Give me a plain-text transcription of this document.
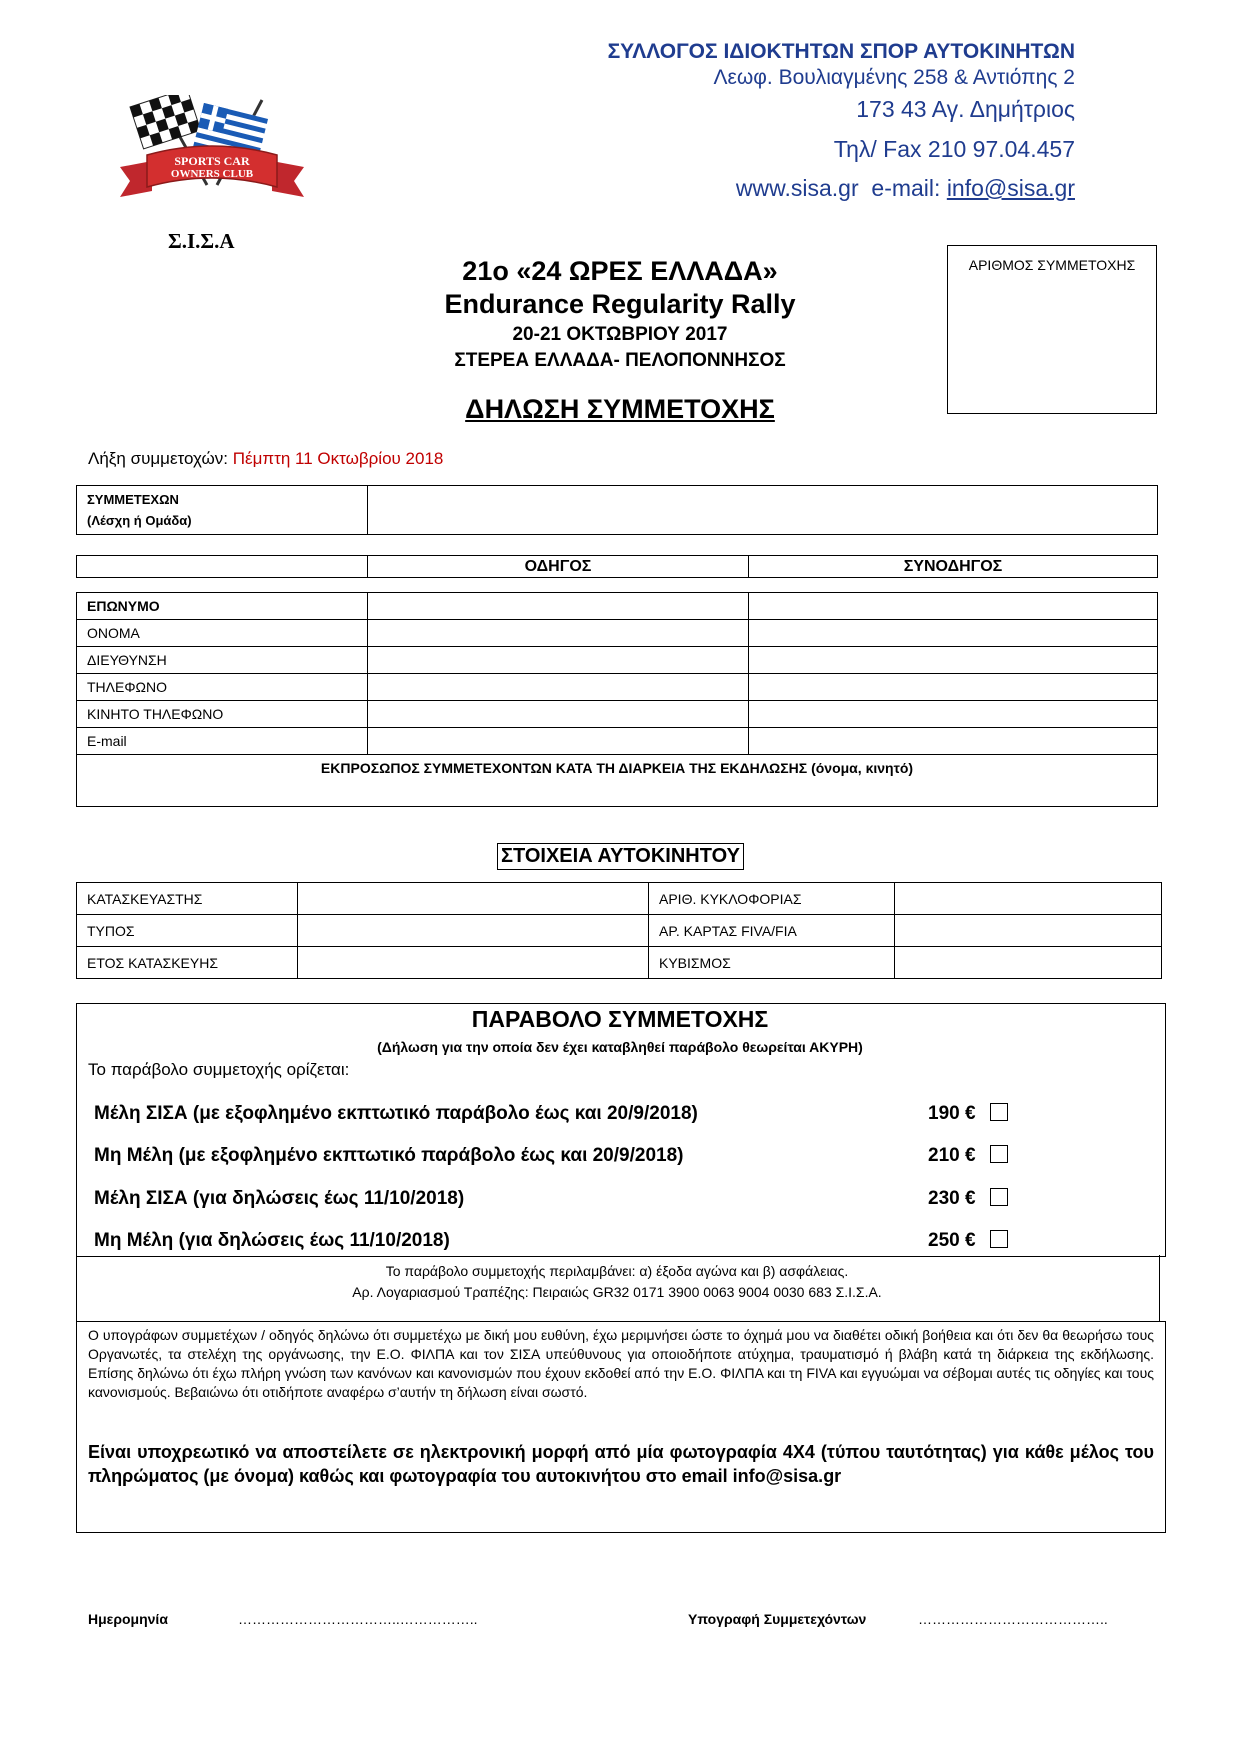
ΣΥΛΛΟΓΟΣ ΙΔΙΟΚΤΗΤΩΝ ΣΠΟΡ ΑΥΤΟΚΙΝΗΤΩΝ
Λεωφ. Βουλιαγμένης 258 & Αντιόπης 2
173 43 Αγ. Δημήτριος
Τηλ/ Fax 210 97.04.457
www.sisa.gr e-mail: info@sisa.gr
SPORTS CAR
OWNERS CLUB
Σ.Ι.Σ.Α
ΑΡΙΘΜΟΣ ΣΥΜΜΕΤΟΧΗΣ
21ο «24 ΩΡΕΣ ΕΛΛΑΔΑ»
Endurance Regularity Rally
20-21 ΟΚΤΩΒΡΙΟΥ 2017
ΣΤΕΡΕΑ ΕΛΛΑΔΑ- ΠΕΛΟΠΟΝΝΗΣΟΣ
ΔΗΛΩΣΗ ΣΥΜΜΕΤΟΧΗΣ
Λήξη συμμετοχών: Πέμπτη 11 Οκτωβρίου 2018
ΣΥΜΜΕΤΕΧΩΝ
(Λέσχη ή Ομάδα)

	ΟΔΗΓΟΣ	ΣΥΝΟΔΗΓΟΣ
ΕΠΩΝΥΜΟ		
ΟΝΟΜΑ		
ΔΙΕΥΘΥΝΣΗ		
ΤΗΛΕΦΩΝΟ		
ΚΙΝΗΤΟ ΤΗΛΕΦΩΝΟ		
E-mail		
ΕΚΠΡΟΣΩΠΟΣ ΣΥΜΜΕΤΕΧΟΝΤΩΝ ΚΑΤΑ ΤΗ ΔΙΑΡΚΕΙΑ ΤΗΣ ΕΚΔΗΛΩΣΗΣ (όνομα, κινητό)		
ΣΤΟΙΧΕΙΑ ΑΥΤΟΚΙΝΗΤΟΥ
ΚΑΤΑΣΚΕΥΑΣΤΗΣ		ΑΡΙΘ. ΚΥΚΛΟΦΟΡΙΑΣ	
ΤΥΠΟΣ		ΑΡ. ΚΑΡΤΑΣ FIVA/FIA	
ΕΤΟΣ ΚΑΤΑΣΚΕΥΗΣ		ΚΥΒΙΣΜΟΣ	
ΠΑΡΑΒΟΛΟ ΣΥΜΜΕΤΟΧΗΣ
(Δήλωση για την οποία δεν έχει καταβληθεί παράβολο θεωρείται ΑΚΥΡΗ)
Το παράβολο συμμετοχής ορίζεται:
Μέλη ΣΙΣΑ (με εξοφλημένο εκπτωτικό παράβολο έως και 20/9/2018)	190 €
Μη Μέλη (με εξοφλημένο εκπτωτικό παράβολο έως και 20/9/2018)	210 €
Μέλη ΣΙΣΑ (για δηλώσεις έως 11/10/2018)	230 €
Μη Μέλη (για δηλώσεις έως 11/10/2018)	250 €
Το παράβολο συμμετοχής περιλαμβάνει: α) έξοδα αγώνα και β) ασφάλειας.
Αρ. Λογαριασμού Τραπέζης: Πειραιώς GR32 0171 3900 0063 9004 0030 683 Σ.Ι.Σ.Α.
Ο υπογράφων συμμετέχων / οδηγός δηλώνω ότι συμμετέχω με δική μου ευθύνη, έχω μεριμνήσει ώστε το όχημά μου να διαθέτει οδική βοήθεια και ότι δεν θα θεωρήσω τους Οργανωτές, τα στελέχη της οργάνωσης, την Ε.Ο. ΦΙΛΠΑ και τον ΣΙΣΑ υπεύθυνους για οποιοδήποτε ατύχημα, τραυματισμό ή βλάβη κατά τη διάρκεια της εκδήλωσης. Επίσης δηλώνω ότι έχω πλήρη γνώση των κανόνων και κανονισμών που έχουν εκδοθεί από την Ε.Ο. ΦΙΛΠΑ και τη FIVA και εγγυώμαι να σέβομαι αυτές τις οδηγίες και τους κανονισμούς. Βεβαιώνω ότι οτιδήποτε αναφέρω σ’αυτήν τη δήλωση είναι σωστό.
Είναι υποχρεωτικό να αποστείλετε σε ηλεκτρονική μορφή από μία φωτογραφία 4Χ4 (τύπου ταυτότητας) για κάθε μέλος του πληρώματος (με όνομα) καθώς και φωτογραφία του αυτοκινήτου στο email info@sisa.gr
Ημερομηνία	……………………………..……………..	Υπογραφή Συμμετεχόντων	…………………………………..
